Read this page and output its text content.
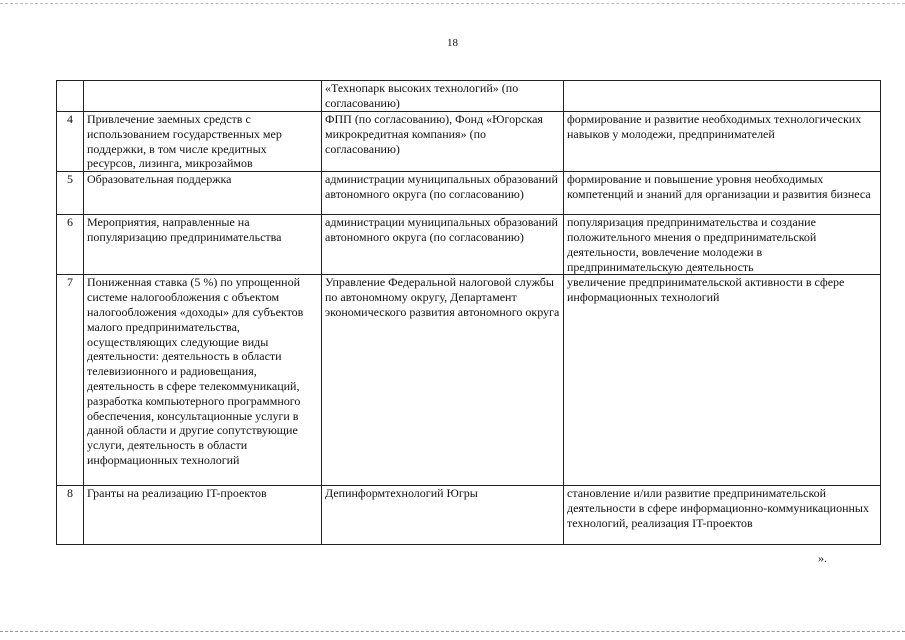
18
		«Технопарк высоких технологий» (по согласованию)	
4	Привлечение заемных средств с использованием государственных мер поддержки, в том числе кредитных ресурсов, лизинга, микрозаймов	ФПП (по согласованию), Фонд «Югорская микрокредитная компания» (по согласованию)	формирование и развитие необходимых технологических навыков у молодежи, предпринимателей
5	Образовательная поддержка	администрации муниципальных образований автономного округа (по согласованию)	формирование и повышение уровня необходимых компетенций и знаний для организации и развития бизнеса
6	Мероприятия, направленные на популяризацию предпринимательства	администрации муниципальных образований автономного округа (по согласованию)	популяризация предпринимательства и создание положительного мнения о предпринимательской деятельности, вовлечение молодежи в предпринимательскую деятельность
7	Пониженная ставка (5 %) по упрощенной системе налогообложения с объектом налогообложения «доходы» для субъектов малого предпринимательства, осуществляющих следующие виды деятельности: деятельность в области телевизионного и радиовещания, деятельность в сфере телекоммуникаций, разработка компьютерного программного обеспечения, консультационные услуги в данной области и другие сопутствующие услуги, деятельность в области информационных технологий	Управление Федеральной налоговой службы по автономному округу, Департамент экономического развития автономного округа	увеличение предпринимательской активности в сфере информационных технологий
8	Гранты на реализацию IT-проектов	Депинформтехнологий Югры	становление и/или развитие предпринимательской деятельности в сфере информационно-коммуникационных технологий, реализация IT-проектов
».
